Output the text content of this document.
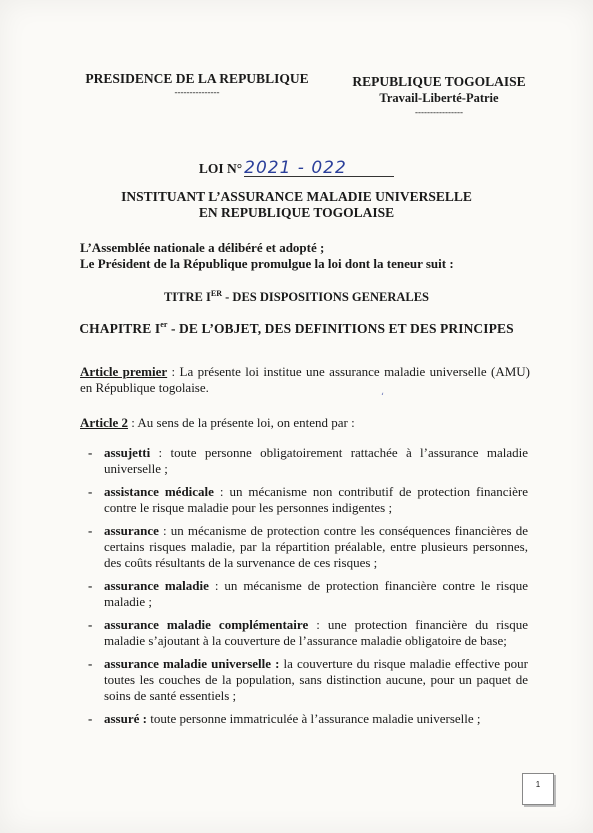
PRESIDENCE DE LA REPUBLIQUE
---------------
REPUBLIQUE TOGOLAISE
Travail-Liberté-Patrie
----------------
LOI N° 2021 - 022
INSTITUANT L’ASSURANCE MALADIE UNIVERSELLE
EN REPUBLIQUE TOGOLAISE
L’Assemblée nationale a délibéré et adopté ;
Le Président de la République promulgue la loi dont la teneur suit :
TITRE IER - DES DISPOSITIONS GENERALES
CHAPITRE Ier - DE L’OBJET, DES DEFINITIONS ET DES PRINCIPES
Article premier : La présente loi institue une assurance maladie universelle (AMU) en République togolaise.
ʻ
Article 2 : Au sens de la présente loi, on entend par :
- assujetti : toute personne obligatoirement rattachée à l’assurance maladie universelle ;
- assistance médicale : un mécanisme non contributif de protection financière contre le risque maladie pour les personnes indigentes ;
- assurance : un mécanisme de protection contre les conséquences financières de certains risques maladie, par la répartition préalable, entre plusieurs personnes, des coûts résultants de la survenance de ces risques ;
- assurance maladie : un mécanisme de protection financière contre le risque maladie ;
- assurance maladie complémentaire : une protection financière du risque maladie s’ajoutant à la couverture de l’assurance maladie obligatoire de base;
- assurance maladie universelle : la couverture du risque maladie effective pour toutes les couches de la population, sans distinction aucune, pour un paquet de soins de santé essentiels ;
- assuré : toute personne immatriculée à l’assurance maladie universelle ;
1
